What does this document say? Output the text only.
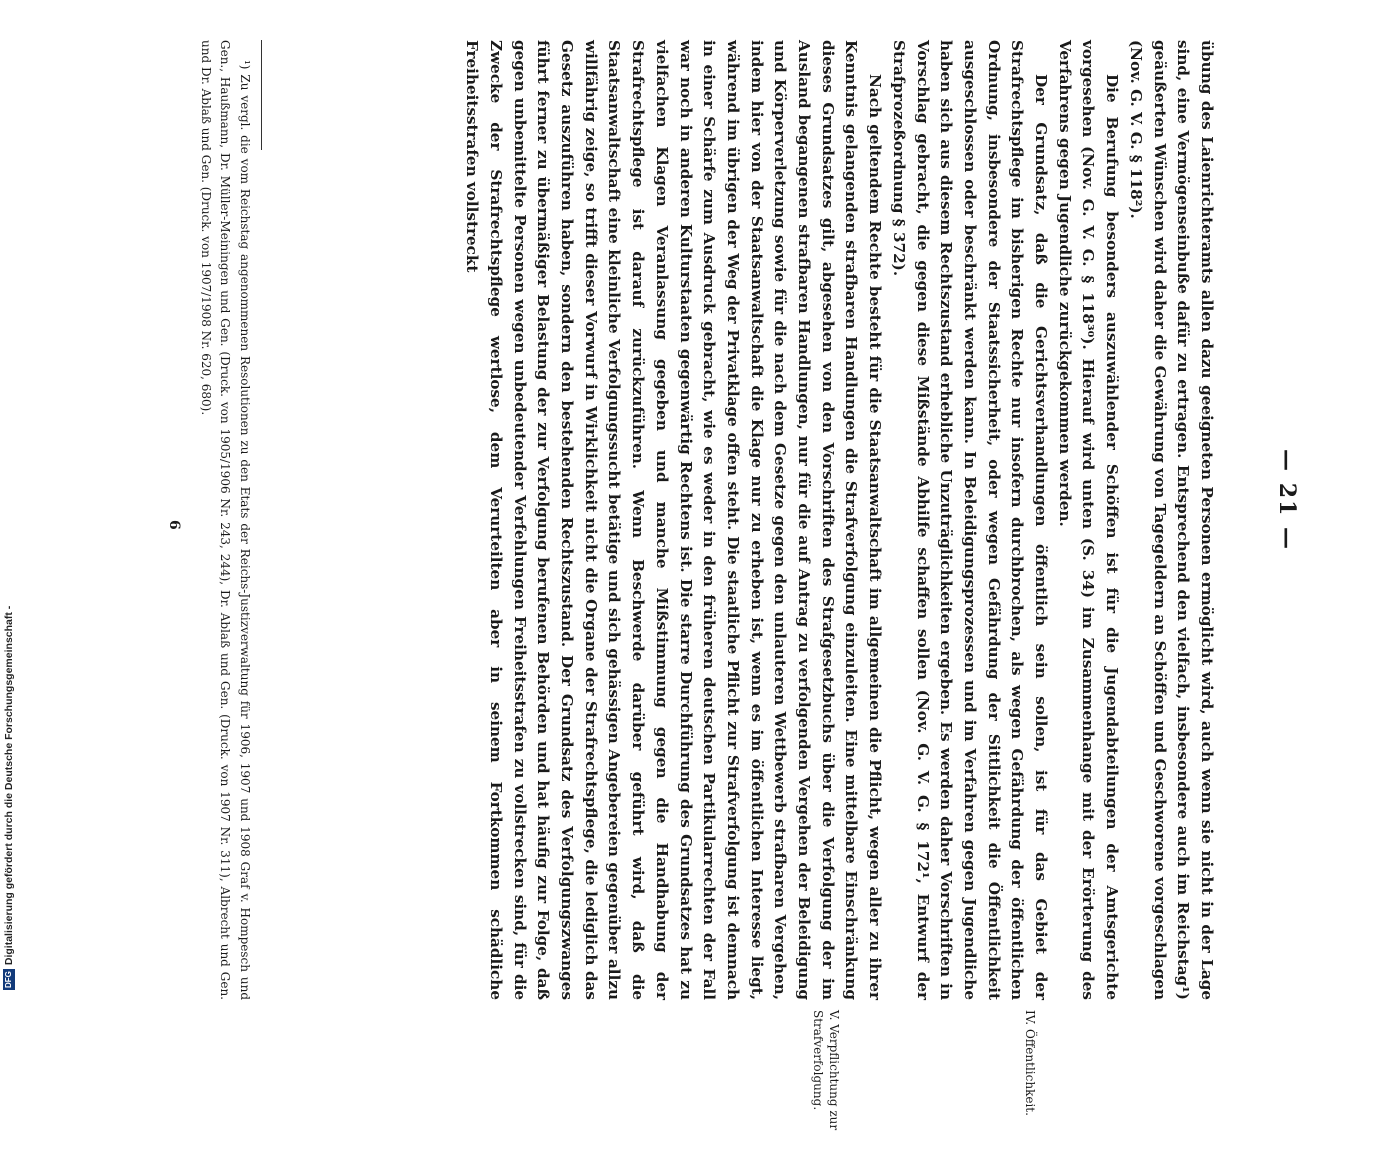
— 21 —

übung des Laienrichteramts allen dazu geeigneten Personen ermöglicht wird, auch wenn sie nicht in der Lage sind, eine Vermögenseinbuße dafür zu ertragen. Entsprechend den vielfach, insbesondere auch im Reichstag¹) geäußerten Wünschen wird daher die Gewährung von Tagegeldern an Schöffen und Geschworene vorgeschlagen (Nov. G. V. G. § 118²).

Die Berufung besonders auszuwählender Schöffen ist für die Jugendabteilungen der Amtsgerichte vorgesehen (Nov. G. V. G. § 118³⁰). Hierauf wird unten (S. 34) im Zusammenhange mit der Erörterung des Verfahrens gegen Jugendliche zurückgekommen werden.

Der Grundsatz, daß die Gerichtsverhandlungen öffentlich sein sollen, ist für das Gebiet der Strafrechtspflege im bisherigen Rechte nur insofern durchbrochen, als wegen Gefährdung der öffentlichen Ordnung, insbesondere der Staatssicherheit, oder wegen Gefährdung der Sittlichkeit die Öffentlichkeit ausgeschlossen oder beschränkt werden kann. In Beleidigungsprozessen und im Verfahren gegen Jugendliche haben sich aus diesem Rechtszustand erhebliche Unzuträglichkeiten ergeben. Es werden daher Vorschriften in Vorschlag gebracht, die gegen diese Mißstände Abhilfe schaffen sollen (Nov. G. V. G. § 172¹, Entwurf der Strafprozeßordnung § 372).

Nach geltendem Rechte besteht für die Staatsanwaltschaft im allgemeinen die Pflicht, wegen aller zu ihrer Kenntnis gelangenden strafbaren Handlungen die Strafverfolgung einzuleiten. Eine mittelbare Einschränkung dieses Grundsatzes gilt, abgesehen von den Vorschriften des Strafgesetzbuchs über die Verfolgung der im Ausland begangenen strafbaren Handlungen, nur für die auf Antrag zu verfolgenden Vergehen der Beleidigung und Körperverletzung sowie für die nach dem Gesetze gegen den unlauteren Wettbewerb strafbaren Vergehen, indem hier von der Staatsanwaltschaft die Klage nur zu erheben ist, wenn es im öffentlichen Interesse liegt, während im übrigen der Weg der Privatklage offen steht. Die staatliche Pflicht zur Strafverfolgung ist demnach in einer Schärfe zum Ausdruck gebracht, wie es weder in den früheren deutschen Partikularrechten der Fall war noch in anderen Kulturstaaten gegenwärtig Rechtens ist. Die starre Durchführung des Grundsatzes hat zu vielfachen Klagen Veranlassung gegeben und manche Mißstimmung gegen die Handhabung der Strafrechtspflege ist darauf zurückzuführen. Wenn Beschwerde darüber geführt wird, daß die Staatsanwaltschaft eine kleinliche Verfolgungssucht betätige und sich gehässigen Angebereien gegenüber allzu willfährig zeige, so trifft dieser Vorwurf in Wirklichkeit nicht die Organe der Strafrechtspflege, die lediglich das Gesetz auszuführen haben, sondern den bestehenden Rechtszustand. Der Grundsatz des Verfolgungszwanges führt ferner zu übermäßiger Belastung der zur Verfolgung berufenen Behörden und hat häufig zur Folge, daß gegen unbemittelte Personen wegen unbedeutender Verfehlungen Freiheitsstrafen zu vollstrecken sind, für die Zwecke der Strafrechtspflege wertlose, dem Verurteilten aber in seinem Fortkommen schädliche Freiheitsstrafen vollstreckt

IV. Öffentlichkeit.
V. Verpflichtung zur Strafverfolgung.

¹) Zu vergl. die vom Reichstag angenommenen Resolutionen zu den Etats der Reichs-Justizverwaltung für 1906, 1907 und 1908 Graf v. Hompesch und Gen., Haußmann, Dr. Müller-Meiningen und Gen. (Druck. von 1905/1906 Nr. 243, 244), Dr. Ablaß und Gen. (Druck. von 1907 Nr. 311), Albrecht und Gen. und Dr. Ablaß und Gen. (Druck. von 1907/1908 Nr. 620, 680).

6
DFG
Digitalisierung gefördert durch die Deutsche Forschungsgemeinschaft -
